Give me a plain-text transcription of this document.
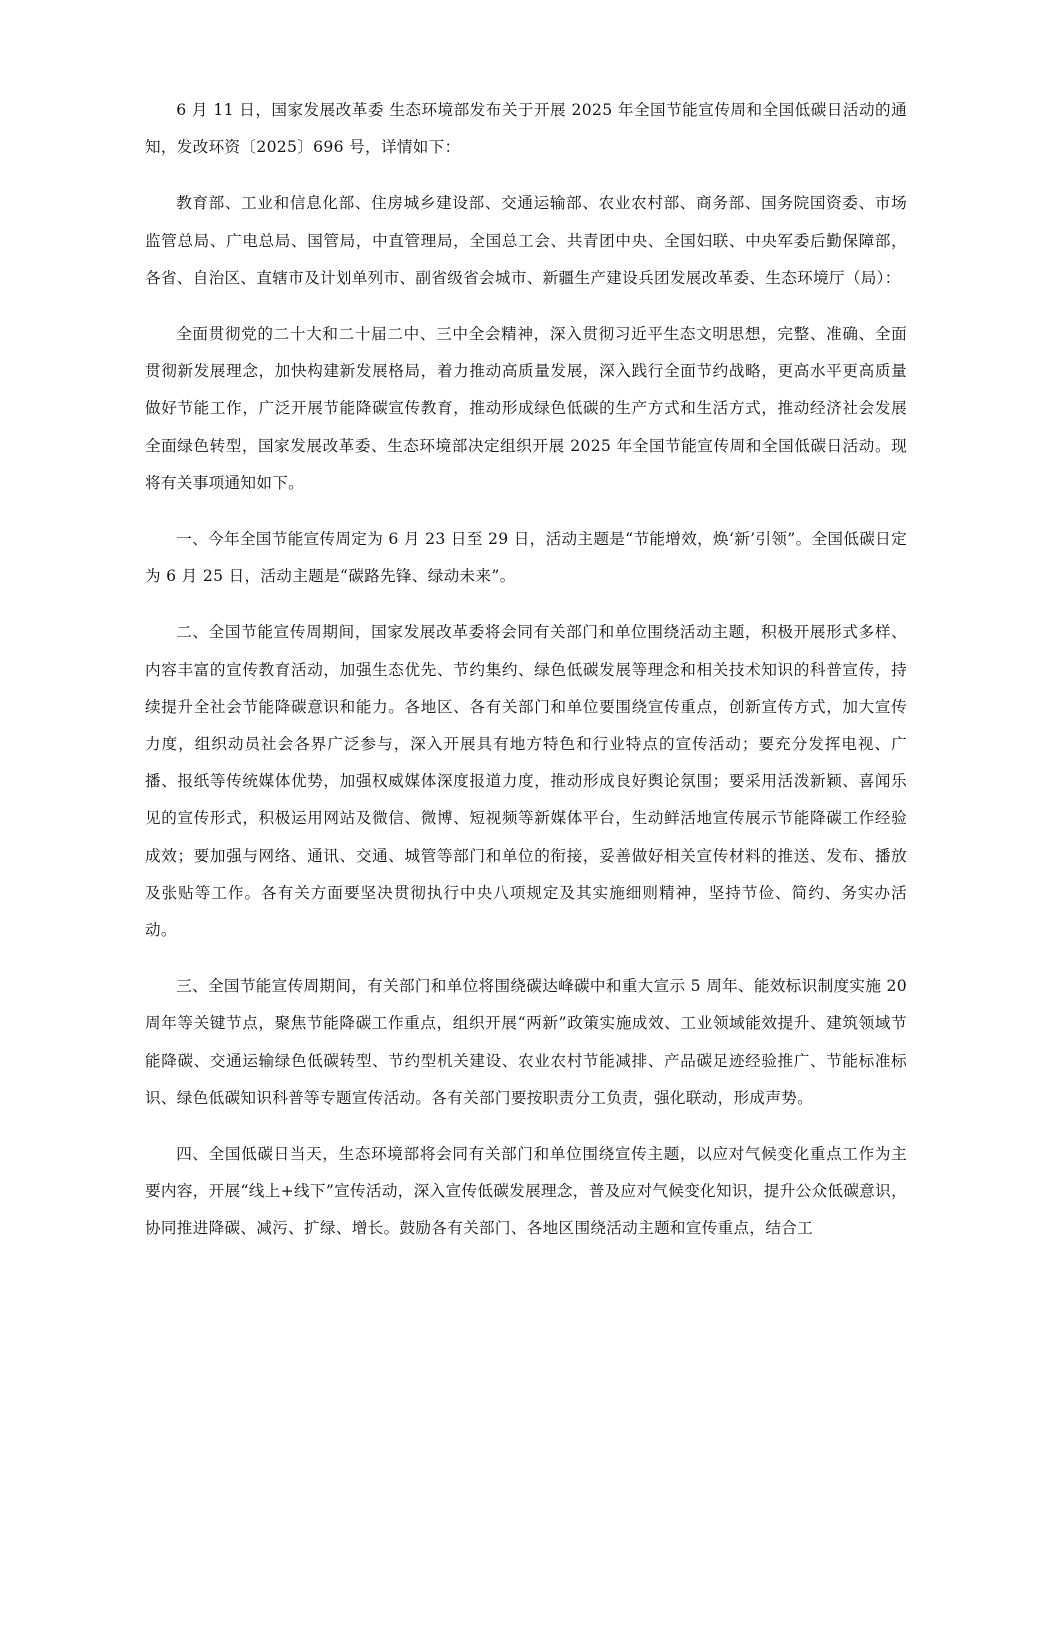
6 月 11 日，国家发展改革委 生态环境部发布关于开展 2025 年全国节能宣传周和全国低碳日活动的通知，发改环资〔2025〕696 号，详情如下：

教育部、工业和信息化部、住房城乡建设部、交通运输部、农业农村部、商务部、国务院国资委、市场监管总局、广电总局、国管局，中直管理局，全国总工会、共青团中央、全国妇联、中央军委后勤保障部，各省、自治区、直辖市及计划单列市、副省级省会城市、新疆生产建设兵团发展改革委、生态环境厅（局）：

全面贯彻党的二十大和二十届二中、三中全会精神，深入贯彻习近平生态文明思想，完整、准确、全面贯彻新发展理念，加快构建新发展格局，着力推动高质量发展，深入践行全面节约战略，更高水平更高质量做好节能工作，广泛开展节能降碳宣传教育，推动形成绿色低碳的生产方式和生活方式，推动经济社会发展全面绿色转型，国家发展改革委、生态环境部决定组织开展 2025 年全国节能宣传周和全国低碳日活动。现将有关事项通知如下。

一、今年全国节能宣传周定为 6 月 23 日至 29 日，活动主题是“节能增效，焕‘新’引领”。全国低碳日定为 6 月 25 日，活动主题是“碳路先锋、绿动未来”。

二、全国节能宣传周期间，国家发展改革委将会同有关部门和单位围绕活动主题，积极开展形式多样、内容丰富的宣传教育活动，加强生态优先、节约集约、绿色低碳发展等理念和相关技术知识的科普宣传，持续提升全社会节能降碳意识和能力。各地区、各有关部门和单位要围绕宣传重点，创新宣传方式，加大宣传力度，组织动员社会各界广泛参与，深入开展具有地方特色和行业特点的宣传活动；要充分发挥电视、广播、报纸等传统媒体优势，加强权威媒体深度报道力度，推动形成良好舆论氛围；要采用活泼新颖、喜闻乐见的宣传形式，积极运用网站及微信、微博、短视频等新媒体平台，生动鲜活地宣传展示节能降碳工作经验成效；要加强与网络、通讯、交通、城管等部门和单位的衔接，妥善做好相关宣传材料的推送、发布、播放及张贴等工作。各有关方面要坚决贯彻执行中央八项规定及其实施细则精神，坚持节俭、简约、务实办活动。

三、全国节能宣传周期间，有关部门和单位将围绕碳达峰碳中和重大宣示 5 周年、能效标识制度实施 20 周年等关键节点，聚焦节能降碳工作重点，组织开展“两新”政策实施成效、工业领域能效提升、建筑领域节能降碳、交通运输绿色低碳转型、节约型机关建设、农业农村节能减排、产品碳足迹经验推广、节能标准标识、绿色低碳知识科普等专题宣传活动。各有关部门要按职责分工负责，强化联动，形成声势。

四、全国低碳日当天，生态环境部将会同有关部门和单位围绕宣传主题，以应对气候变化重点工作为主要内容，开展“线上+线下”宣传活动，深入宣传低碳发展理念，普及应对气候变化知识，提升公众低碳意识，协同推进降碳、减污、扩绿、增长。鼓励各有关部门、各地区围绕活动主题和宣传重点，结合工
